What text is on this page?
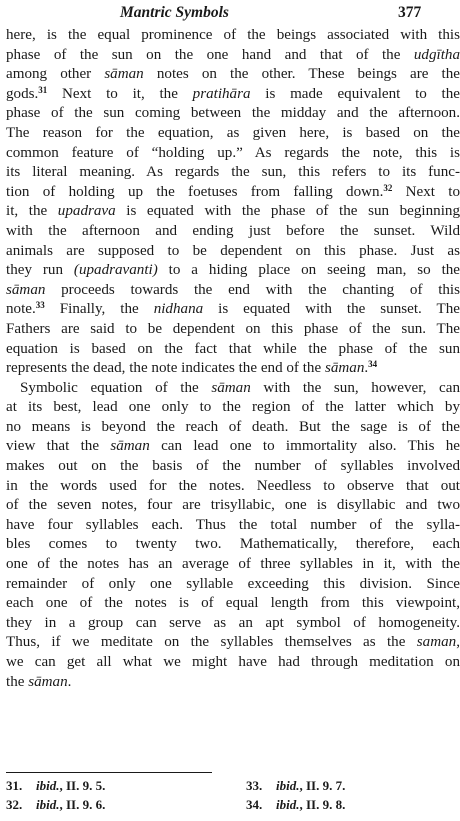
Mantric Symbols	377
here, is the equal prominence of the beings associated with this
phase of the sun on the one hand and that of the udgītha
among other sāman notes on the other. These beings are the
gods.$^{31}$ Next to it, the pratihāra is made equivalent to the
phase of the sun coming between the midday and the afternoon.
The reason for the equation, as given here, is based on the
common feature of “holding up.” As regards the note, this is
its literal meaning. As regards the sun, this refers to its func-
tion of holding up the foetuses from falling down.$^{32}$ Next to
it, the upadrava is equated with the phase of the sun beginning
with the afternoon and ending just before the sunset. Wild
animals are supposed to be dependent on this phase. Just as
they run (upadravanti) to a hiding place on seeing man, so the
sāman proceeds towards the end with the chanting of this
note.$^{33}$ Finally, the nidhana is equated with the sunset. The
Fathers are said to be dependent on this phase of the sun. The
equation is based on the fact that while the phase of the sun
represents the dead, the note indicates the end of the sāman.$^{34}$
Symbolic equation of the sāman with the sun, however, can
at its best, lead one only to the region of the latter which by
no means is beyond the reach of death. But the sage is of the
view that the sāman can lead one to immortality also. This he
makes out on the basis of the number of syllables involved
in the words used for the notes. Needless to observe that out
of the seven notes, four are trisyllabic, one is disyllabic and two
have four syllables each. Thus the total number of the sylla-
bles comes to twenty two. Mathematically, therefore, each
one of the notes has an average of three syllables in it, with the
remainder of only one syllable exceeding this division. Since
each one of the notes is of equal length from this viewpoint,
they in a group can serve as an apt symbol of homogeneity.
Thus, if we meditate on the syllables themselves as the saman,
we can get all what we might have had through meditation on
the sāman.
31. ibid., II. 9. 5.
32. ibid., II. 9. 6.
33. ibid., II. 9. 7.
34. ibid., II. 9. 8.
